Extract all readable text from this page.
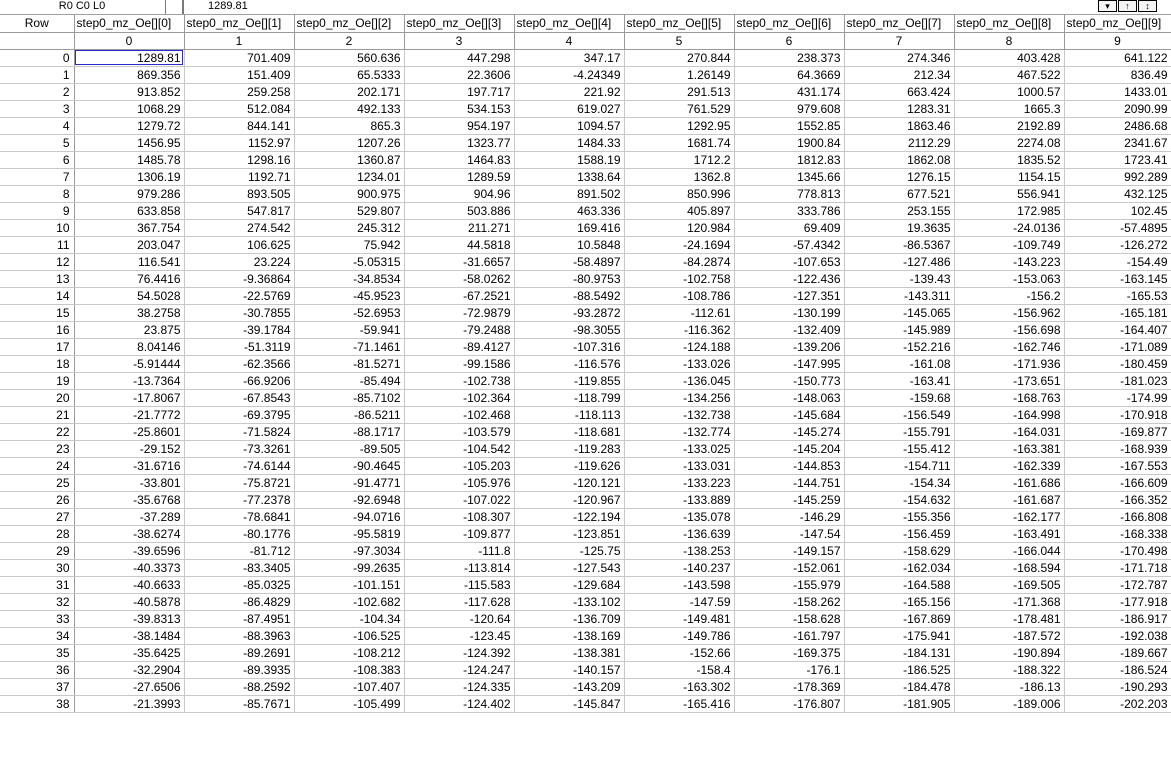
R0 C0 L0	1289.81	▾	↑	↕
Row	step0_mz_Oe[][0]	step0_mz_Oe[][1]	step0_mz_Oe[][2]	step0_mz_Oe[][3]	step0_mz_Oe[][4]	step0_mz_Oe[][5]	step0_mz_Oe[][6]	step0_mz_Oe[][7]	step0_mz_Oe[][8]	step0_mz_Oe[][9]
	0	1	2	3	4	5	6	7	8	9
0	1289.81	701.409	560.636	447.298	347.17	270.844	238.373	274.346	403.428	641.122
1	869.356	151.409	65.5333	22.3606	-4.24349	1.26149	64.3669	212.34	467.522	836.49
2	913.852	259.258	202.171	197.717	221.92	291.513	431.174	663.424	1000.57	1433.01
3	1068.29	512.084	492.133	534.153	619.027	761.529	979.608	1283.31	1665.3	2090.99
4	1279.72	844.141	865.3	954.197	1094.57	1292.95	1552.85	1863.46	2192.89	2486.68
5	1456.95	1152.97	1207.26	1323.77	1484.33	1681.74	1900.84	2112.29	2274.08	2341.67
6	1485.78	1298.16	1360.87	1464.83	1588.19	1712.2	1812.83	1862.08	1835.52	1723.41
7	1306.19	1192.71	1234.01	1289.59	1338.64	1362.8	1345.66	1276.15	1154.15	992.289
8	979.286	893.505	900.975	904.96	891.502	850.996	778.813	677.521	556.941	432.125
9	633.858	547.817	529.807	503.886	463.336	405.897	333.786	253.155	172.985	102.45
10	367.754	274.542	245.312	211.271	169.416	120.984	69.409	19.3635	-24.0136	-57.4895
11	203.047	106.625	75.942	44.5818	10.5848	-24.1694	-57.4342	-86.5367	-109.749	-126.272
12	116.541	23.224	-5.05315	-31.6657	-58.4897	-84.2874	-107.653	-127.486	-143.223	-154.49
13	76.4416	-9.36864	-34.8534	-58.0262	-80.9753	-102.758	-122.436	-139.43	-153.063	-163.145
14	54.5028	-22.5769	-45.9523	-67.2521	-88.5492	-108.786	-127.351	-143.311	-156.2	-165.53
15	38.2758	-30.7855	-52.6953	-72.9879	-93.2872	-112.61	-130.199	-145.065	-156.962	-165.181
16	23.875	-39.1784	-59.941	-79.2488	-98.3055	-116.362	-132.409	-145.989	-156.698	-164.407
17	8.04146	-51.3119	-71.1461	-89.4127	-107.316	-124.188	-139.206	-152.216	-162.746	-171.089
18	-5.91444	-62.3566	-81.5271	-99.1586	-116.576	-133.026	-147.995	-161.08	-171.936	-180.459
19	-13.7364	-66.9206	-85.494	-102.738	-119.855	-136.045	-150.773	-163.41	-173.651	-181.023
20	-17.8067	-67.8543	-85.7102	-102.364	-118.799	-134.256	-148.063	-159.68	-168.763	-174.99
21	-21.7772	-69.3795	-86.5211	-102.468	-118.113	-132.738	-145.684	-156.549	-164.998	-170.918
22	-25.8601	-71.5824	-88.1717	-103.579	-118.681	-132.774	-145.274	-155.791	-164.031	-169.877
23	-29.152	-73.3261	-89.505	-104.542	-119.283	-133.025	-145.204	-155.412	-163.381	-168.939
24	-31.6716	-74.6144	-90.4645	-105.203	-119.626	-133.031	-144.853	-154.711	-162.339	-167.553
25	-33.801	-75.8721	-91.4771	-105.976	-120.121	-133.223	-144.751	-154.34	-161.686	-166.609
26	-35.6768	-77.2378	-92.6948	-107.022	-120.967	-133.889	-145.259	-154.632	-161.687	-166.352
27	-37.289	-78.6841	-94.0716	-108.307	-122.194	-135.078	-146.29	-155.356	-162.177	-166.808
28	-38.6274	-80.1776	-95.5819	-109.877	-123.851	-136.639	-147.54	-156.459	-163.491	-168.338
29	-39.6596	-81.712	-97.3034	-111.8	-125.75	-138.253	-149.157	-158.629	-166.044	-170.498
30	-40.3373	-83.3405	-99.2635	-113.814	-127.543	-140.237	-152.061	-162.034	-168.594	-171.718
31	-40.6633	-85.0325	-101.151	-115.583	-129.684	-143.598	-155.979	-164.588	-169.505	-172.787
32	-40.5878	-86.4829	-102.682	-117.628	-133.102	-147.59	-158.262	-165.156	-171.368	-177.918
33	-39.8313	-87.4951	-104.34	-120.64	-136.709	-149.481	-158.628	-167.869	-178.481	-186.917
34	-38.1484	-88.3963	-106.525	-123.45	-138.169	-149.786	-161.797	-175.941	-187.572	-192.038
35	-35.6425	-89.2691	-108.212	-124.392	-138.381	-152.66	-169.375	-184.131	-190.894	-189.667
36	-32.2904	-89.3935	-108.383	-124.247	-140.157	-158.4	-176.1	-186.525	-188.322	-186.524
37	-27.6506	-88.2592	-107.407	-124.335	-143.209	-163.302	-178.369	-184.478	-186.13	-190.293
38	-21.3993	-85.7671	-105.499	-124.402	-145.847	-165.416	-176.807	-181.905	-189.006	-202.203
